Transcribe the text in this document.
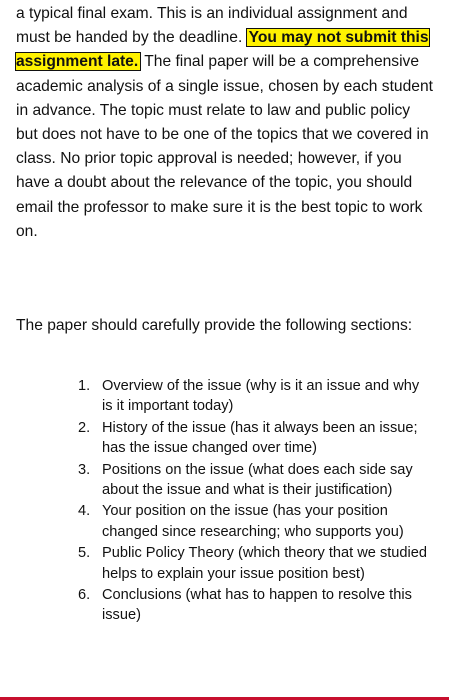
a typical final exam. This is an individual assignment and must be handed by the deadline. You may not submit this assignment late. The final paper will be a comprehensive academic analysis of a single issue, chosen by each student in advance. The topic must relate to law and public policy but does not have to be one of the topics that we covered in class. No prior topic approval is needed; however, if you have a doubt about the relevance of the topic, you should email the professor to make sure it is the best topic to work on.

The paper should carefully provide the following sections:

1. Overview of the issue (why is it an issue and why is it important today)
2. History of the issue (has it always been an issue; has the issue changed over time)
3. Positions on the issue (what does each side say about the issue and what is their justification)
4. Your position on the issue (has your position changed since researching; who supports you)
5. Public Policy Theory (which theory that we studied helps to explain your issue position best)
6. Conclusions (what has to happen to resolve this issue)
